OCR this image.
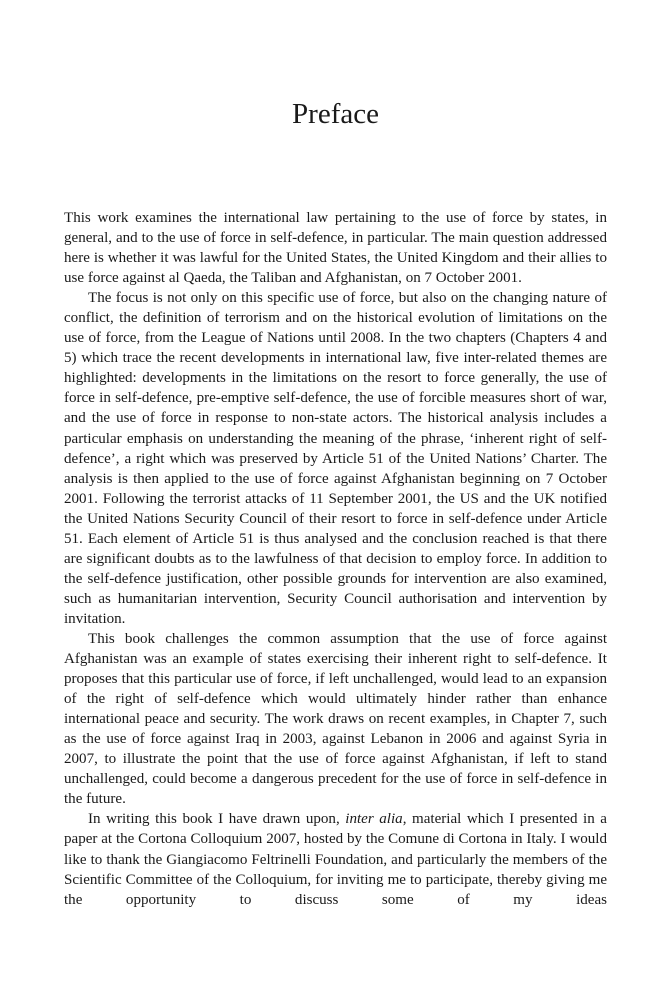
Preface

This work examines the international law pertaining to the use of force by states, in general, and to the use of force in self-defence, in particular. The main question addressed here is whether it was lawful for the United States, the United Kingdom and their allies to use force against al Qaeda, the Taliban and Afghanistan, on 7 October 2001.

The focus is not only on this specific use of force, but also on the changing nature of conflict, the definition of terrorism and on the historical evolution of limitations on the use of force, from the League of Nations until 2008. In the two chapters (Chapters 4 and 5) which trace the recent developments in international law, five inter-related themes are highlighted: developments in the limitations on the resort to force generally, the use of force in self-defence, pre-emptive self-defence, the use of forcible measures short of war, and the use of force in response to non-state actors. The historical analysis includes a particular emphasis on understanding the meaning of the phrase, ‘inherent right of self-defence’, a right which was preserved by Article 51 of the United Nations’ Charter. The analysis is then applied to the use of force against Afghanistan beginning on 7 October 2001. Following the terrorist attacks of 11 September 2001, the US and the UK notified the United Nations Security Council of their resort to force in self-defence under Article 51. Each element of Article 51 is thus analysed and the conclusion reached is that there are significant doubts as to the lawfulness of that decision to employ force. In addition to the self-defence justification, other possible grounds for intervention are also examined, such as humanitarian intervention, Security Council authorisation and intervention by invitation.

This book challenges the common assumption that the use of force against Afghanistan was an example of states exercising their inherent right to self-defence. It proposes that this particular use of force, if left unchallenged, would lead to an expansion of the right of self-defence which would ultimately hinder rather than enhance international peace and security. The work draws on recent examples, in Chapter 7, such as the use of force against Iraq in 2003, against Lebanon in 2006 and against Syria in 2007, to illustrate the point that the use of force against Afghanistan, if left to stand unchallenged, could become a dangerous precedent for the use of force in self-defence in the future.

In writing this book I have drawn upon, inter alia, material which I presented in a paper at the Cortona Colloquium 2007, hosted by the Comune di Cortona in Italy. I would like to thank the Giangiacomo Feltrinelli Foundation, and particularly the members of the Scientific Committee of the Colloquium, for inviting me to participate, thereby giving me the opportunity to discuss some of my ideas
